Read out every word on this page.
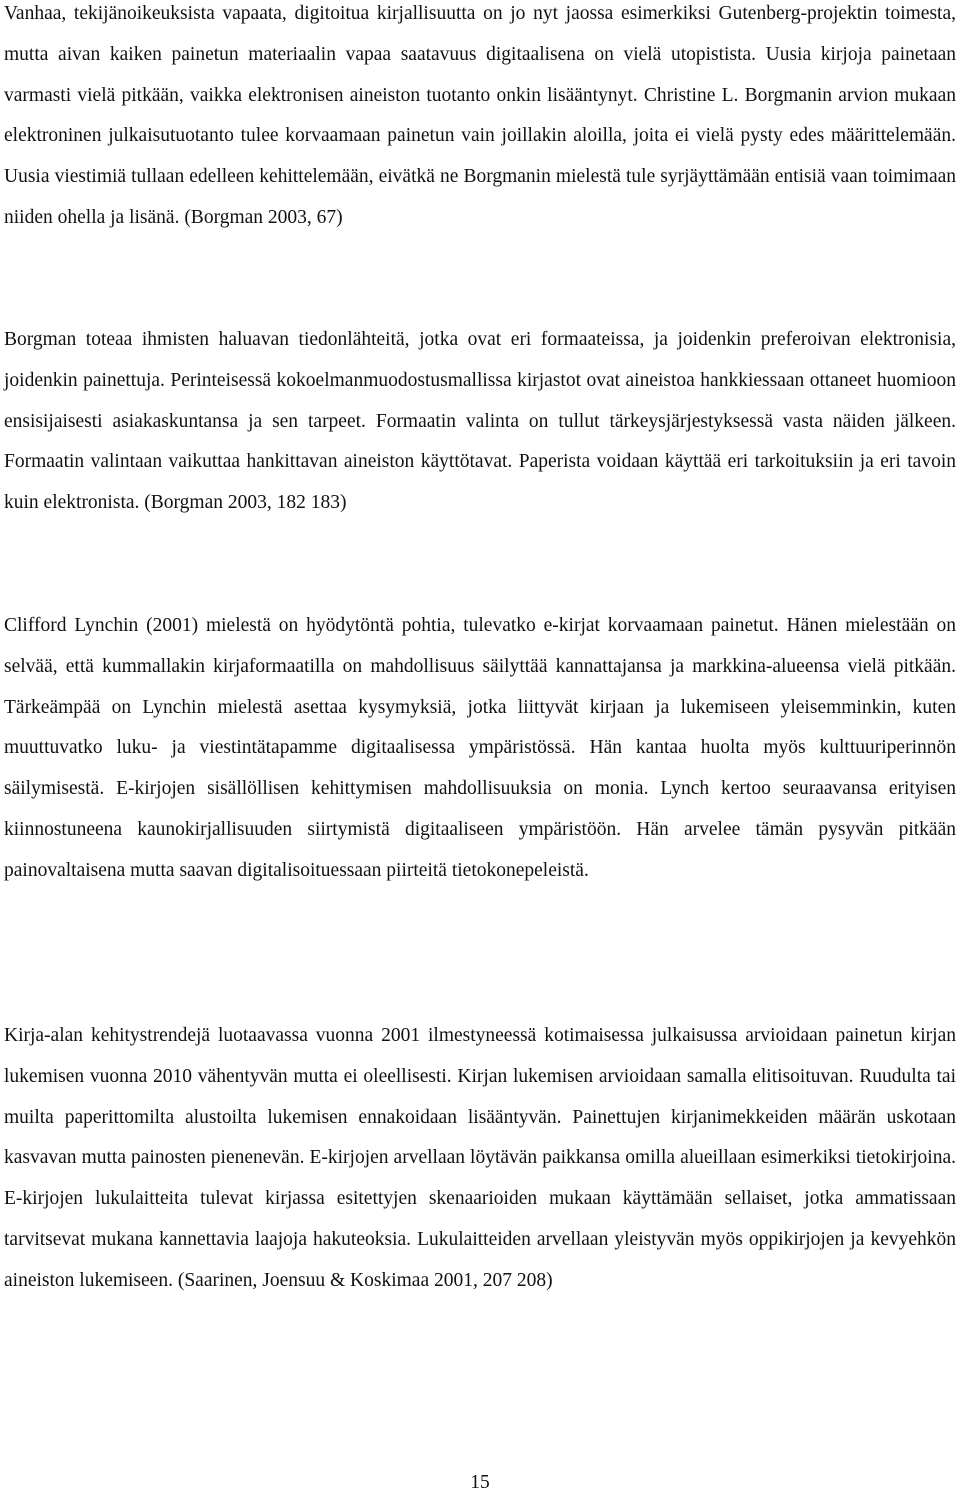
Vanhaa, tekijänoikeuksista vapaata, digitoitua kirjallisuutta on jo nyt jaossa esimerkiksi Gutenberg-projektin toimesta, mutta aivan kaiken painetun materiaalin vapaa saatavuus digitaalisena on vielä utopistista. Uusia kirjoja painetaan varmasti vielä pitkään, vaikka elektronisen aineiston tuotanto onkin lisääntynyt. Christine L. Borgmanin arvion mukaan elektroninen julkaisutuotanto tulee korvaamaan painetun vain joillakin aloilla, joita ei vielä pysty edes määrittelemään. Uusia viestimiä tullaan edelleen kehittelemään, eivätkä ne Borgmanin mielestä tule syrjäyttämään entisiä vaan toimimaan niiden ohella ja lisänä. (Borgman 2003, 67)

Borgman toteaa ihmisten haluavan tiedonlähteitä, jotka ovat eri formaateissa, ja joidenkin preferoivan elektronisia, joidenkin painettuja. Perinteisessä kokoelmanmuodostusmallissa kirjastot ovat aineistoa hankkiessaan ottaneet huomioon ensisijaisesti asiakaskuntansa ja sen tarpeet. Formaatin valinta on tullut tärkeysjärjestyksessä vasta näiden jälkeen. Formaatin valintaan vaikuttaa hankittavan aineiston käyttötavat. Paperista voidaan käyttää eri tarkoituksiin ja eri tavoin kuin elektronista. (Borgman 2003, 182 183)

Clifford Lynchin (2001) mielestä on hyödytöntä pohtia, tulevatko e-kirjat korvaamaan painetut. Hänen mielestään on selvää, että kummallakin kirjaformaatilla on mahdollisuus säilyttää kannattajansa ja markkina-alueensa vielä pitkään. Tärkeämpää on Lynchin mielestä asettaa kysymyksiä, jotka liittyvät kirjaan ja lukemiseen yleisemminkin, kuten muuttuvatko luku- ja viestintätapamme digitaalisessa ympäristössä. Hän kantaa huolta myös kulttuuriperinnön säilymisestä. E-kirjojen sisällöllisen kehittymisen mahdollisuuksia on monia. Lynch kertoo seuraavansa erityisen kiinnostuneena kaunokirjallisuuden siirtymistä digitaaliseen ympäristöön. Hän arvelee tämän pysyvän pitkään painovaltaisena mutta saavan digitalisoituessaan piirteitä tietokonepeleistä.

Kirja-alan kehitystrendejä luotaavassa vuonna 2001 ilmestyneessä kotimaisessa julkaisussa arvioidaan painetun kirjan lukemisen vuonna 2010 vähentyvän mutta ei oleellisesti. Kirjan lukemisen arvioidaan samalla elitisoituvan. Ruudulta tai muilta paperittomilta alustoilta lukemisen ennakoidaan lisääntyvän. Painettujen kirjanimekkeiden määrän uskotaan kasvavan mutta painosten pienenevän. E-kirjojen arvellaan löytävän paikkansa omilla alueillaan esimerkiksi tietokirjoina. E-kirjojen lukulaitteita tulevat kirjassa esitettyjen skenaarioiden mukaan käyttämään sellaiset, jotka ammatissaan tarvitsevat mukana kannettavia laajoja hakuteoksia. Lukulaitteiden arvellaan yleistyvän myös oppikirjojen ja kevyehkön aineiston lukemiseen. (Saarinen, Joensuu & Koskimaa 2001, 207 208)

15
